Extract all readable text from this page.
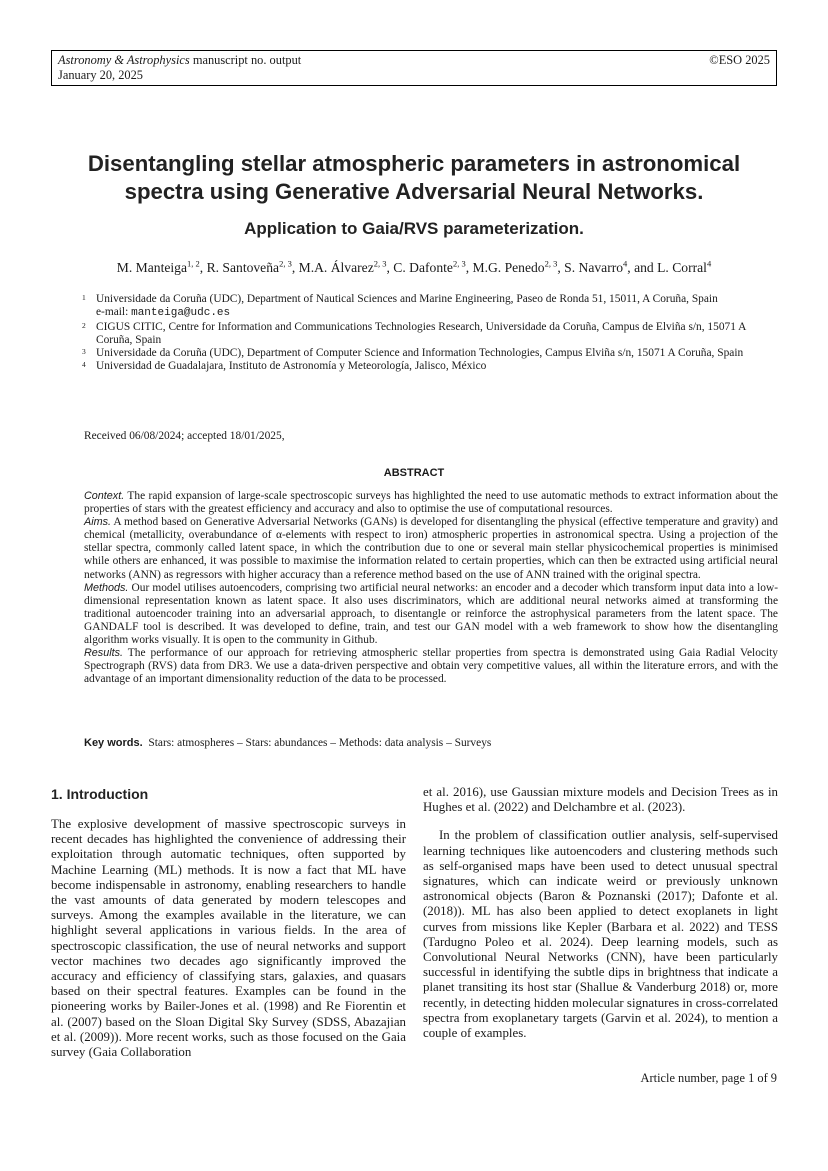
Astronomy & Astrophysics manuscript no. output	©ESO 2025
January 20, 2025
Disentangling stellar atmospheric parameters in astronomical spectra using Generative Adversarial Neural Networks.
Application to Gaia/RVS parameterization.
M. Manteiga$^{1, 2}$, R. Santoveña$^{2, 3}$, M.A. Álvarez$^{2, 3}$, C. Dafonte$^{2, 3}$, M.G. Penedo$^{2, 3}$, S. Navarro$^4$, and L. Corral$^4$
1 Universidade da Coruña (UDC), Department of Nautical Sciences and Marine Engineering, Paseo de Ronda 51, 15011, A Coruña, Spain
e-mail: manteiga@udc.es
2 CIGUS CITIC, Centre for Information and Communications Technologies Research, Universidade da Coruña, Campus de Elviña s/n, 15071 A Coruña, Spain
3 Universidade da Coruña (UDC), Department of Computer Science and Information Technologies, Campus Elviña s/n, 15071 A Coruña, Spain
4 Universidad de Guadalajara, Instituto de Astronomía y Meteorología, Jalisco, México
Received 06/08/2024; accepted 18/01/2025,
ABSTRACT

Context. The rapid expansion of large-scale spectroscopic surveys has highlighted the need to use automatic methods to extract information about the properties of stars with the greatest efficiency and accuracy and also to optimise the use of computational resources.

Aims. A method based on Generative Adversarial Networks (GANs) is developed for disentangling the physical (effective temperature and gravity) and chemical (metallicity, overabundance of α-elements with respect to iron) atmospheric properties in astronomical spectra. Using a projection of the stellar spectra, commonly called latent space, in which the contribution due to one or several main stellar physicochemical properties is minimised while others are enhanced, it was possible to maximise the information related to certain properties, which can then be extracted using artificial neural networks (ANN) as regressors with higher accuracy than a reference method based on the use of ANN trained with the original spectra.

Methods. Our model utilises autoencoders, comprising two artificial neural networks: an encoder and a decoder which transform input data into a low-dimensional representation known as latent space. It also uses discriminators, which are additional neural networks aimed at transforming the traditional autoencoder training into an adversarial approach, to disentangle or reinforce the astrophysical parameters from the latent space. The GANDALF tool is described. It was developed to define, train, and test our GAN model with a web framework to show how the disentangling algorithm works visually. It is open to the community in Github.

Results. The performance of our approach for retrieving atmospheric stellar properties from spectra is demonstrated using Gaia Radial Velocity Spectrograph (RVS) data from DR3. We use a data-driven perspective and obtain very competitive values, all within the literature errors, and with the advantage of an important dimensionality reduction of the data to be processed.

Key words. Stars: atmospheres – Stars: abundances – Methods: data analysis – Surveys
1. Introduction

The explosive development of massive spectroscopic surveys in recent decades has highlighted the convenience of addressing their exploitation through automatic techniques, often supported by Machine Learning (ML) methods. It is now a fact that ML have become indispensable in astronomy, enabling researchers to handle the vast amounts of data generated by modern telescopes and surveys. Among the examples available in the literature, we can highlight several applications in various fields. In the area of spectroscopic classification, the use of neural networks and support vector machines two decades ago significantly improved the accuracy and efficiency of classifying stars, galaxies, and quasars based on their spectral features. Examples can be found in the pioneering works by Bailer-Jones et al. (1998) and Re Fiorentin et al. (2007) based on the Sloan Digital Sky Survey (SDSS, Abazajian et al. (2009)). More recent works, such as those focused on the Gaia survey (Gaia Collaboration

et al. 2016), use Gaussian mixture models and Decision Trees as in Hughes et al. (2022) and Delchambre et al. (2023).

In the problem of classification outlier analysis, self-supervised learning techniques like autoencoders and clustering methods such as self-organised maps have been used to detect unusual spectral signatures, which can indicate weird or previously unknown astronomical objects (Baron & Poznanski (2017); Dafonte et al. (2018)). ML has also been applied to detect exoplanets in light curves from missions like Kepler (Barbara et al. 2022) and TESS (Tardugno Poleo et al. 2024). Deep learning models, such as Convolutional Neural Networks (CNN), have been particularly successful in identifying the subtle dips in brightness that indicate a planet transiting its host star (Shallue & Vanderburg 2018) or, more recently, in detecting hidden molecular signatures in cross-correlated spectra from exoplanetary targets (Garvin et al. 2024), to mention a couple of examples.

Article number, page 1 of 9
